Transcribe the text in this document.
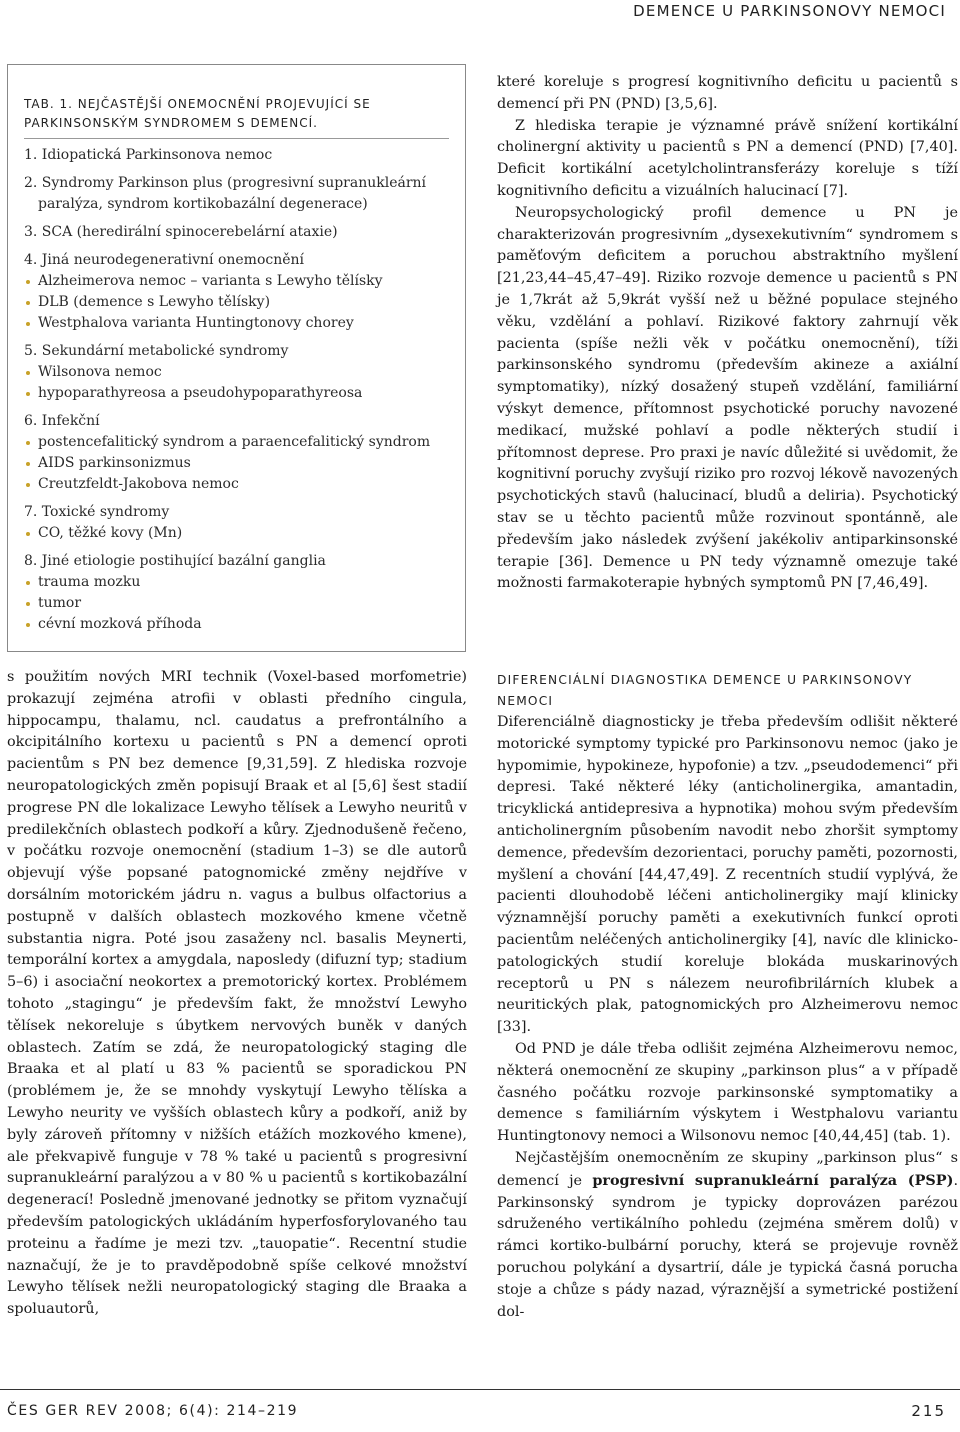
DEMENCE U PARKINSONOVY NEMOCI
TAB. 1. NEJČASTĚJŠÍ ONEMOCNĚNÍ PROJEVUJÍCÍ SE PARKINSONSKÝM SYNDROMEM S DEMENCÍ.
1. Idiopatická Parkinsonova nemoc
2. Syndromy Parkinson plus (progresivní supranukleární paralýza, syndrom kortikobazální degenerace)
3. SCA (heredirální spinocerebelární ataxie)
4. Jiná neurodegenerativní onemocnění
Alzheimerova nemoc – varianta s Lewyho tělísky
DLB (demence s Lewyho tělísky)
Westphalova varianta Huntingtonovy chorey
5. Sekundární metabolické syndromy
Wilsonova nemoc
hypoparathyreosa a pseudohypoparathyreosa
6. Infekční
postencefalitický syndrom a paraencefalitický syndrom
AIDS parkinsonizmus
Creutzfeldt-Jakobova nemoc
7. Toxické syndromy
CO, těžké kovy (Mn)
8. Jiné etiologie postihující bazální ganglia
trauma mozku
tumor
cévní mozková příhoda

s použitím nových MRI technik (Voxel-based morfometrie) prokazují zejména atrofii v oblasti předního cingula, hippocampu, thalamu, ncl. caudatus a prefrontálního a okcipitálního kortexu u pacientů s PN a demencí oproti pacientům s PN bez demence [9,31,59]. Z hlediska rozvoje neuropatologických změn popisují Braak et al [5,6] šest stadií progrese PN dle lokalizace Lewyho tělísek a Lewyho neuritů v predilekčních oblastech podkoří a kůry. Zjednodušeně řečeno, v počátku rozvoje onemocnění (stadium 1–3) se dle autorů objevují výše popsané patognomické změny nejdříve v dorsálním motorickém jádru n. vagus a bulbus olfactorius a postupně v dalších oblastech mozkového kmene včetně substantia nigra. Poté jsou zasaženy ncl. basalis Meynerti, temporální kortex a amygdala, naposledy (difuzní typ; stadium 5–6) i asociační neokortex a premotorický kortex. Problémem tohoto „stagingu“ je především fakt, že množství Lewyho tělísek nekoreluje s úbytkem nervových buněk v daných oblastech. Zatím se zdá, že neuropatologický staging dle Braaka et al platí u 83 % pacientů se sporadickou PN (problémem je, že se mnohdy vyskytují Lewyho tělíska a Lewyho neurity ve vyšších oblastech kůry a podkoří, aniž by byly zároveň přítomny v nižších etážích mozkového kmene), ale překvapivě funguje v 78 % také u pacientů s progresivní supranukleární paralýzou a v 80 % u pacientů s kortikobazální degenerací! Posledně jmenované jednotky se přitom vyznačují především patologických ukládáním hyperfosforylovaného tau proteinu a řadíme je mezi tzv. „tauopatie“. Recentní studie naznačují, že je to pravděpodobně spíše celkové množství Lewyho tělísek nežli neuropatologický staging dle Braaka a spoluautorů,

které koreluje s progresí kognitivního deficitu u pacientů s demencí při PN (PND) [3,5,6].

Z hlediska terapie je významné právě snížení kortikální cholinergní aktivity u pacientů s PN a demencí (PND) [7,40]. Deficit kortikální acetylcholintransferázy koreluje s tíží kognitivního deficitu a vizuálních halucinací [7].

Neuropsychologický profil demence u PN je charakterizován progresivním „dysexekutivním“ syndromem s paměťovým deficitem a poruchou abstraktního myšlení [21,23,44–45,47–49]. Riziko rozvoje demence u pacientů s PN je 1,7krát až 5,9krát vyšší než u běžné populace stejného věku, vzdělání a pohlaví. Rizikové faktory zahrnují věk pacienta (spíše nežli věk v počátku onemocnění), tíži parkinsonského syndromu (především akineze a axiální symptomatiky), nízký dosažený stupeň vzdělání, familiární výskyt demence, přítomnost psychotické poruchy navozené medikací, mužské pohlaví a podle některých studií i přítomnost deprese. Pro praxi je navíc důležité si uvědomit, že kognitivní poruchy zvyšují riziko pro rozvoj lékově navozených psychotických stavů (halucinací, bludů a deliria). Psychotický stav se u těchto pacientů může rozvinout spontánně, ale především jako následek zvýšení jakékoliv antiparkinsonské terapie [36]. Demence u PN tedy významně omezuje také možnosti farmakoterapie hybných symptomů PN [7,46,49].

DIFERENCIÁLNÍ DIAGNOSTIKA DEMENCE U PARKINSONOVY NEMOCI

Diferenciálně diagnosticky je třeba především odlišit některé motorické symptomy typické pro Parkinsonovu nemoc (jako je hypomimie, hypokineze, hypofonie) a tzv. „pseudodemenci“ při depresi. Také některé léky (anticholinergika, amantadin, tricyklická antidepresiva a hypnotika) mohou svým především anticholinergním působením navodit nebo zhoršit symptomy demence, především dezorientaci, poruchy paměti, pozornosti, myšlení a chování [44,47,49]. Z recentních studií vyplývá, že pacienti dlouhodobě léčeni anticholinergiky mají klinicky významnější poruchy paměti a exekutivních funkcí oproti pacientům neléčených anticholinergiky [4], navíc dle klinicko-patologických studií koreluje blokáda muskarinových receptorů u PN s nálezem neurofibrilárních klubek a neuritických plak, patognomických pro Alzheimerovu nemoc [33].

Od PND je dále třeba odlišit zejména Alzheimerovu nemoc, některá onemocnění ze skupiny „parkinson plus“ a v případě časného počátku rozvoje parkinsonské symptomatiky a demence s familiárním výskytem i Westphalovu variantu Huntingtonovy nemoci a Wilsonovu nemoc [40,44,45] (tab. 1).

Nejčastějším onemocněním ze skupiny „parkinson plus“ s demencí je progresivní supranukleární paralýza (PSP). Parkinsonský syndrom je typicky doprovázen parézou sdruženého vertikálního pohledu (zejména směrem dolů) v rámci kortiko-bulbární poruchy, která se projevuje rovněž poruchou polykání a dysartrií, dále je typická časná porucha stoje a chůze s pády nazad, výraznější a symetrické postižení dol-

ČES GER REV 2008; 6(4): 214–219	215
